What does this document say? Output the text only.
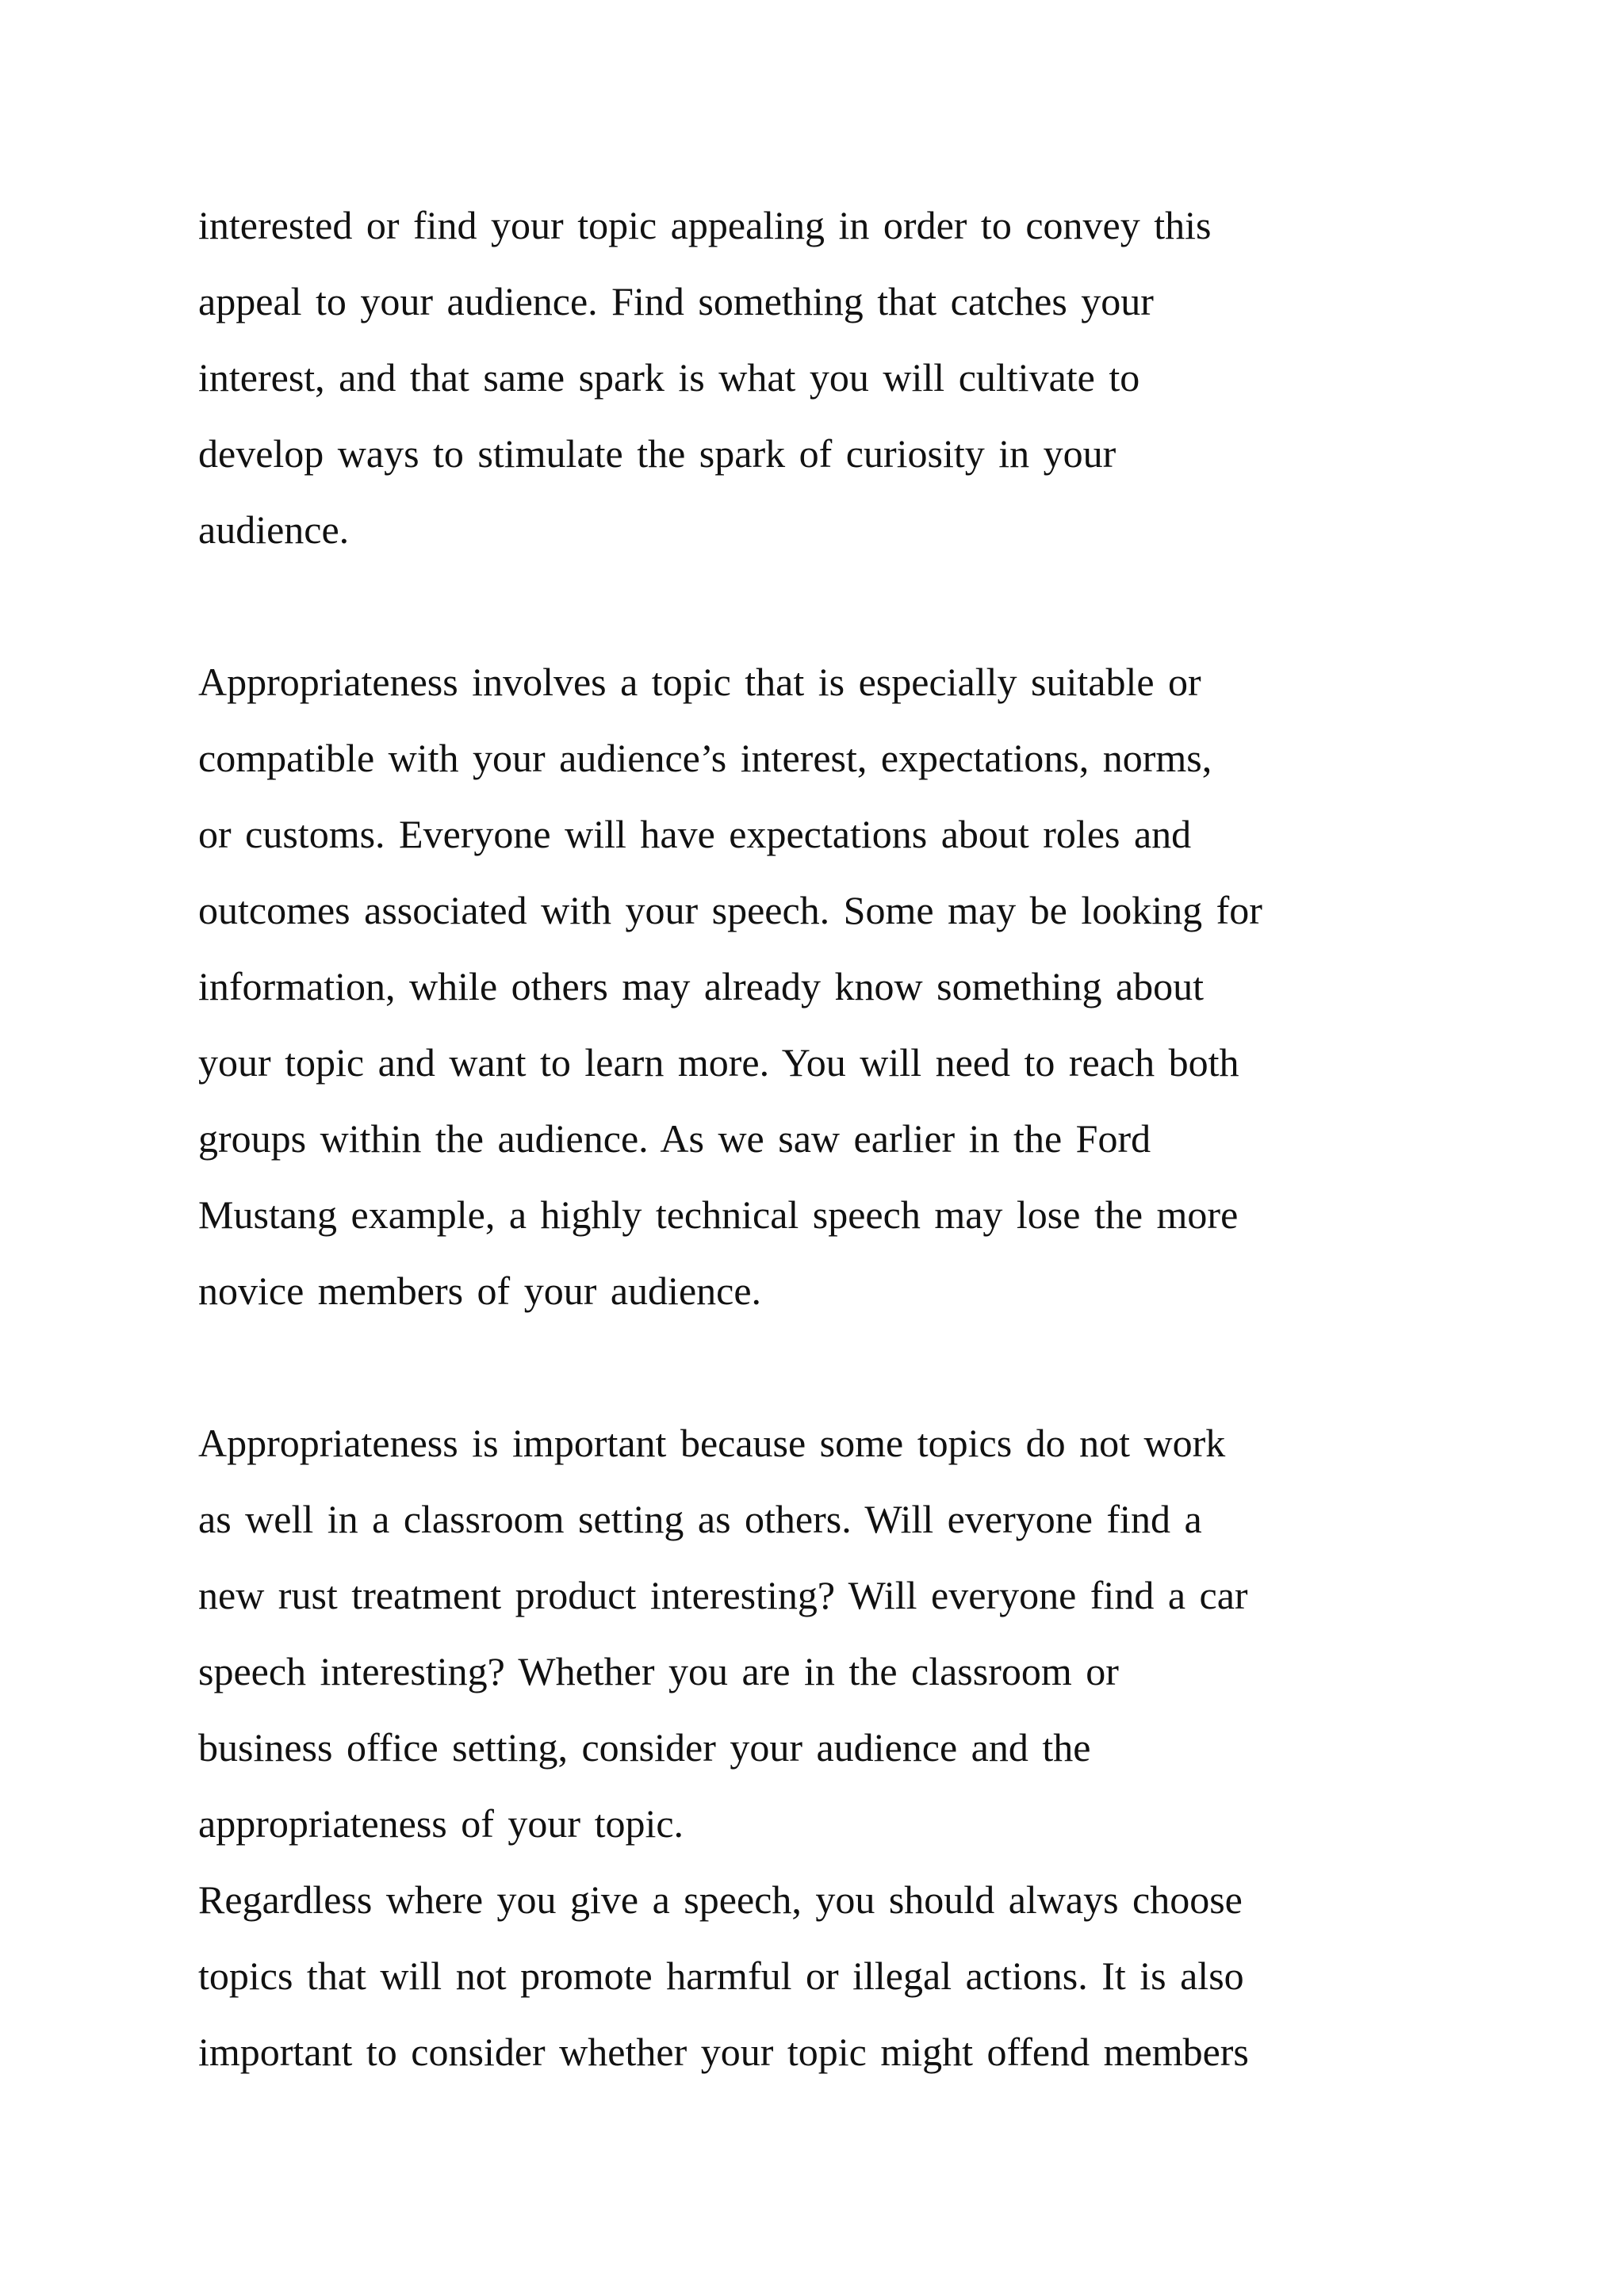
interested or find your topic appealing in order to convey this
appeal to your audience. Find something that catches your
interest, and that same spark is what you will cultivate to
develop ways to stimulate the spark of curiosity in your
audience.
Appropriateness involves a topic that is especially suitable or
compatible with your audience’s interest, expectations, norms,
or customs. Everyone will have expectations about roles and
outcomes associated with your speech. Some may be looking for
information, while others may already know something about
your topic and want to learn more. You will need to reach both
groups within the audience. As we saw earlier in the Ford
Mustang example, a highly technical speech may lose the more
novice members of your audience.
Appropriateness is important because some topics do not work
as well in a classroom setting as others. Will everyone find a
new rust treatment product interesting? Will everyone find a car
speech interesting? Whether you are in the classroom or
business office setting, consider your audience and the
appropriateness of your topic.
Regardless where you give a speech, you should always choose
topics that will not promote harmful or illegal actions. It is also
important to consider whether your topic might offend members
